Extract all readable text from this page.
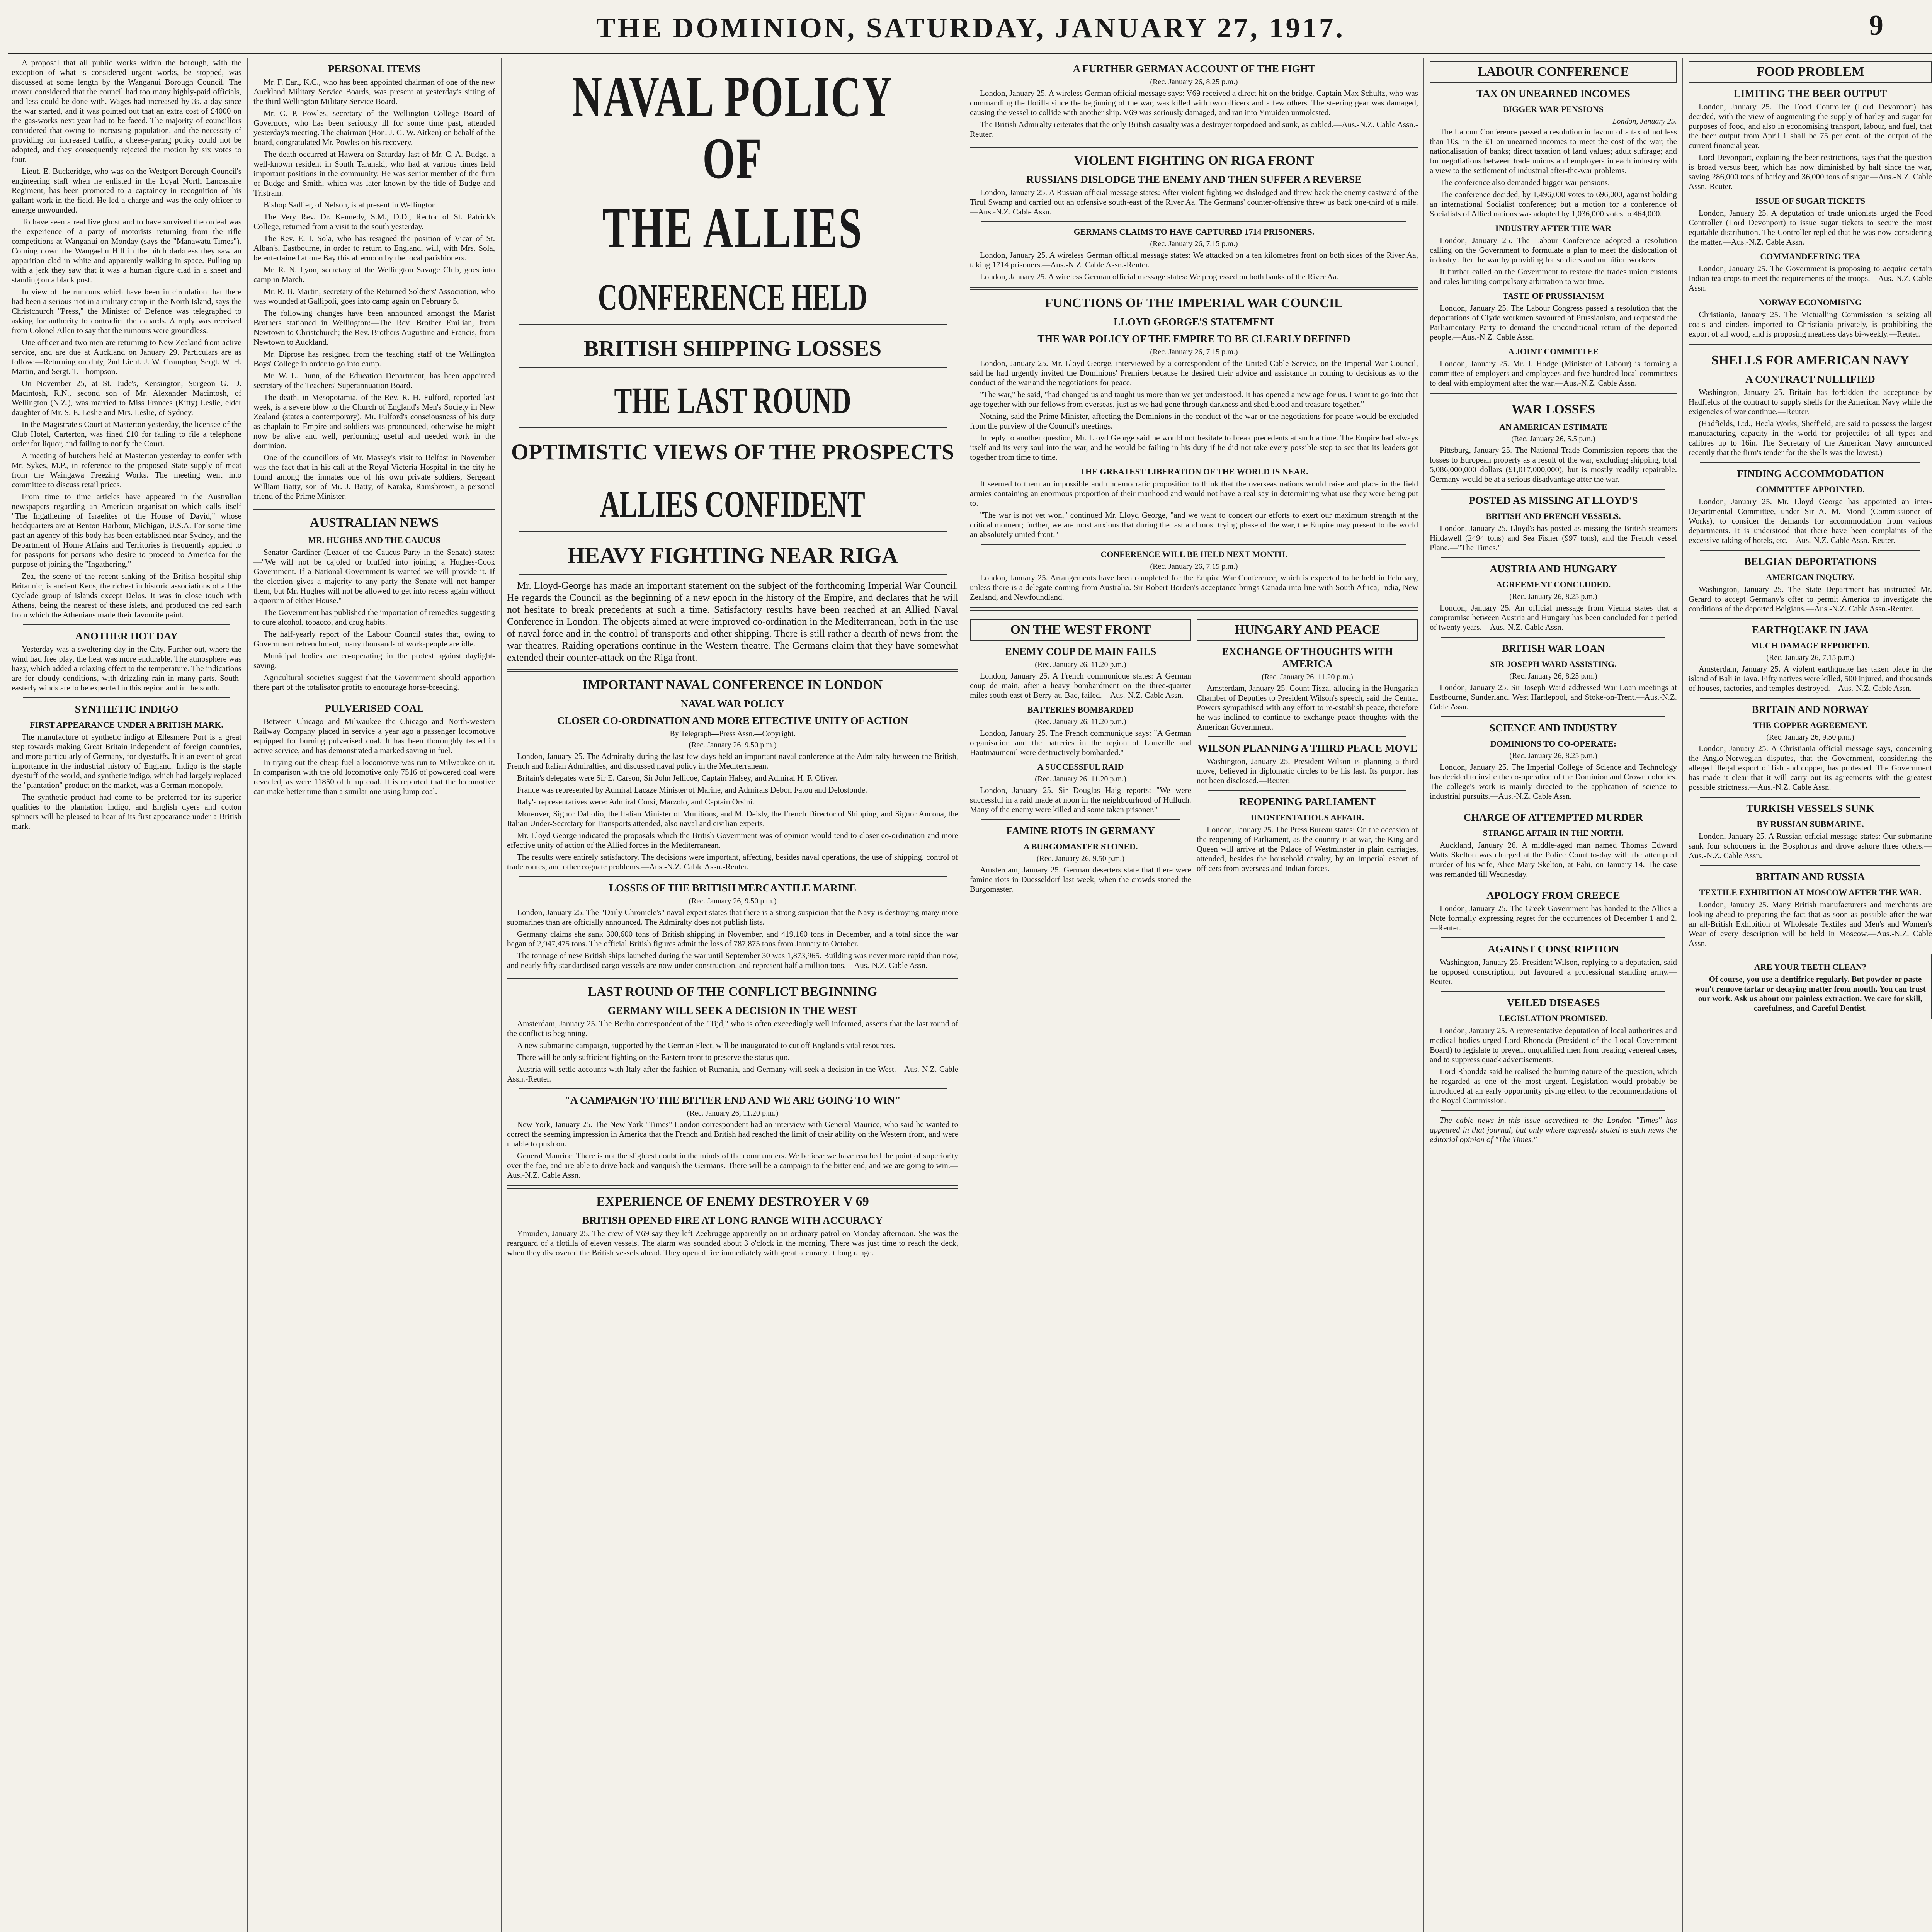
THE DOMINION, SATURDAY, JANUARY 27, 1917.	9

A proposal that all public works within the borough, with the exception of what is considered urgent works, be stopped, was discussed at some length by the Wanganui Borough Council. The mover considered that the council had too many highly-paid officials, and less could be done with. Wages had increased by 3s. a day since the war started, and it was pointed out that an extra cost of £4000 on the gas-works next year had to be faced. The majority of councillors considered that owing to increasing population, and the necessity of providing for increased traffic, a cheese-paring policy could not be adopted, and they consequently rejected the motion by six votes to four.

Lieut. E. Buckeridge, who was on the Westport Borough Council's engineering staff when he enlisted in the Loyal North Lancashire Regiment, has been promoted to a captaincy in recognition of his gallant work in the field. He led a charge and was the only officer to emerge unwounded.

To have seen a real live ghost and to have survived the ordeal was the experience of a party of motorists returning from the rifle competitions at Wanganui on Monday (says the "Manawatu Times"). Coming down the Wangaehu Hill in the pitch darkness they saw an apparition clad in white and apparently walking in space. Pulling up with a jerk they saw that it was a human figure clad in a sheet and standing on a black post.

In view of the rumours which have been in circulation that there had been a serious riot in a military camp in the North Island, says the Christchurch "Press," the Minister of Defence was telegraphed to asking for authority to contradict the canards. A reply was received from Colonel Allen to say that the rumours were groundless.

One officer and two men are returning to New Zealand from active service, and are due at Auckland on January 29. Particulars are as follow:—Returning on duty, 2nd Lieut. J. W. Crampton, Sergt. W. H. Martin, and Sergt. T. Thompson.

On November 25, at St. Jude's, Kensington, Surgeon G. D. Macintosh, R.N., second son of Mr. Alexander Macintosh, of Wellington (N.Z.), was married to Miss Frances (Kitty) Leslie, elder daughter of Mr. S. E. Leslie and Mrs. Leslie, of Sydney.

In the Magistrate's Court at Masterton yesterday, the licensee of the Club Hotel, Carterton, was fined £10 for failing to file a telephone order for liquor, and failing to notify the Court.

A meeting of butchers held at Masterton yesterday to confer with Mr. Sykes, M.P., in reference to the proposed State supply of meat from the Waingawa Freezing Works. The meeting went into committee to discuss retail prices.

From time to time articles have appeared in the Australian newspapers regarding an American organisation which calls itself "The Ingathering of Israelites of the House of David," whose headquarters are at Benton Harbour, Michigan, U.S.A. For some time past an agency of this body has been established near Sydney, and the Department of Home Affairs and Territories is frequently applied to for passports for persons who desire to proceed to America for the purpose of joining the "Ingathering."

Zea, the scene of the recent sinking of the British hospital ship Britannic, is ancient Keos, the richest in historic associations of all the Cyclade group of islands except Delos. It was in close touch with Athens, being the nearest of these islets, and produced the red earth from which the Athenians made their favourite paint.

ANOTHER HOT DAY

Yesterday was a sweltering day in the City. Further out, where the wind had free play, the heat was more endurable. The atmosphere was hazy, which added a relaxing effect to the temperature. The indications are for cloudy conditions, with drizzling rain in many parts. South-easterly winds are to be expected in this region and in the south.

SYNTHETIC INDIGO
FIRST APPEARANCE UNDER A BRITISH MARK.

The manufacture of synthetic indigo at Ellesmere Port is a great step towards making Great Britain independent of foreign countries, and more particularly of Germany, for dyestuffs. It is an event of great importance in the industrial history of England. Indigo is the staple dyestuff of the world, and synthetic indigo, which had largely replaced the "plantation" product on the market, was a German monopoly.

The synthetic product had come to be preferred for its superior qualities to the plantation indigo, and English dyers and cotton spinners will be pleased to hear of its first appearance under a British mark.

PERSONAL ITEMS

Mr. F. Earl, K.C., who has been appointed chairman of one of the new Auckland Military Service Boards, was present at yesterday's sitting of the third Wellington Military Service Board.

Mr. C. P. Powles, secretary of the Wellington College Board of Governors, who has been seriously ill for some time past, attended yesterday's meeting. The chairman (Hon. J. G. W. Aitken) on behalf of the board, congratulated Mr. Powles on his recovery.

The death occurred at Hawera on Saturday last of Mr. C. A. Budge, a well-known resident in South Taranaki, who had at various times held important positions in the community. He was senior member of the firm of Budge and Smith, which was later known by the title of Budge and Tristram.

Bishop Sadlier, of Nelson, is at present in Wellington.

The Very Rev. Dr. Kennedy, S.M., D.D., Rector of St. Patrick's College, returned from a visit to the south yesterday.

The Rev. E. I. Sola, who has resigned the position of Vicar of St. Alban's, Eastbourne, in order to return to England, will, with Mrs. Sola, be entertained at one Bay this afternoon by the local parishioners.

Mr. R. N. Lyon, secretary of the Wellington Savage Club, goes into camp in March.

Mr. R. B. Martin, secretary of the Returned Soldiers' Association, who was wounded at Gallipoli, goes into camp again on February 5.

The following changes have been announced amongst the Marist Brothers stationed in Wellington:—The Rev. Brother Emilian, from Newtown to Christchurch; the Rev. Brothers Augustine and Francis, from Newtown to Auckland.

Mr. Diprose has resigned from the teaching staff of the Wellington Boys' College in order to go into camp.

Mr. W. L. Dunn, of the Education Department, has been appointed secretary of the Teachers' Superannuation Board.

The death, in Mesopotamia, of the Rev. R. H. Fulford, reported last week, is a severe blow to the Church of England's Men's Society in New Zealand (states a contemporary). Mr. Fulford's consciousness of his duty as chaplain to Empire and soldiers was pronounced, otherwise he might now be alive and well, performing useful and needed work in the dominion.

One of the councillors of Mr. Massey's visit to Belfast in November was the fact that in his call at the Royal Victoria Hospital in the city he found among the inmates one of his own private soldiers, Sergeant William Batty, son of Mr. J. Batty, of Karaka, Ramsbrown, a personal friend of the Prime Minister.

AUSTRALIAN NEWS
MR. HUGHES AND THE CAUCUS

Senator Gardiner (Leader of the Caucus Party in the Senate) states:—"We will not be cajoled or bluffed into joining a Hughes-Cook Government. If a National Government is wanted we will provide it. If the election gives a majority to any party the Senate will not hamper them, but Mr. Hughes will not be allowed to get into recess again without a quorum of either House."

The Government has published the importation of remedies suggesting to cure alcohol, tobacco, and drug habits.

The half-yearly report of the Labour Council states that, owing to Government retrenchment, many thousands of work-people are idle.

Municipal bodies are co-operating in the protest against daylight-saving.

Agricultural societies suggest that the Government should apportion there part of the totalisator profits to encourage horse-breeding.

PULVERISED COAL

Between Chicago and Milwaukee the Chicago and North-western Railway Company placed in service a year ago a passenger locomotive equipped for burning pulverised coal. It has been thoroughly tested in active service, and has demonstrated a marked saving in fuel.

In trying out the cheap fuel a locomotive was run to Milwaukee on it. In comparison with the old locomotive only 7516 of powdered coal were revealed, as were 11850 of lump coal. It is reported that the locomotive can make better time than a similar one using lump coal.

NAVAL POLICY OF
THE ALLIES
CONFERENCE HELD
BRITISH SHIPPING LOSSES
THE LAST ROUND
OPTIMISTIC VIEWS OF THE PROSPECTS
ALLIES CONFIDENT
HEAVY FIGHTING NEAR RIGA

Mr. Lloyd-George has made an important statement on the subject of the forthcoming Imperial War Council. He regards the Council as the beginning of a new epoch in the history of the Empire, and declares that he will not hesitate to break precedents at such a time. Satisfactory results have been reached at an Allied Naval Conference in London. The objects aimed at were improved co-ordination in the Mediterranean, both in the use of naval force and in the control of transports and other shipping. There is still rather a dearth of news from the war theatres. Raiding operations continue in the Western theatre. The Germans claim that they have somewhat extended their counter-attack on the Riga front.

IMPORTANT NAVAL CONFERENCE IN LONDON
NAVAL WAR POLICY
CLOSER CO-ORDINATION AND MORE EFFECTIVE UNITY OF ACTION
By Telegraph—Press Assn.—Copyright.
(Rec. January 26, 9.50 p.m.)

London, January 25. The Admiralty during the last few days held an important naval conference at the Admiralty between the British, French and Italian Admiralties, and discussed naval policy in the Mediterranean.

Britain's delegates were Sir E. Carson, Sir John Jellicoe, Captain Halsey, and Admiral H. F. Oliver.

France was represented by Admiral Lacaze Minister of Marine, and Admirals Debon Fatou and Delostonde.

Italy's representatives were: Admiral Corsi, Marzolo, and Captain Orsini.

Moreover, Signor Dallolio, the Italian Minister of Munitions, and M. Deisly, the French Director of Shipping, and Signor Ancona, the Italian Under-Secretary for Transports attended, also naval and civilian experts.

Mr. Lloyd George indicated the proposals which the British Government was of opinion would tend to closer co-ordination and more effective unity of action of the Allied forces in the Mediterranean.

The results were entirely satisfactory. The decisions were important, affecting, besides naval operations, the use of shipping, control of trade routes, and other cognate problems.—Aus.-N.Z. Cable Assn.-Reuter.

LOSSES OF THE BRITISH MERCANTILE MARINE
(Rec. January 26, 9.50 p.m.)

London, January 25. The "Daily Chronicle's" naval expert states that there is a strong suspicion that the Navy is destroying many more submarines than are officially announced. The Admiralty does not publish lists.

Germany claims she sank 300,600 tons of British shipping in November, and 419,160 tons in December, and a total since the war began of 2,947,475 tons. The official British figures admit the loss of 787,875 tons from January to October.

The tonnage of new British ships launched during the war until September 30 was 1,873,965. Building was never more rapid than now, and nearly fifty standardised cargo vessels are now under construction, and represent half a million tons.—Aus.-N.Z. Cable Assn.

LAST ROUND OF THE CONFLICT BEGINNING
GERMANY WILL SEEK A DECISION IN THE WEST

Amsterdam, January 25. The Berlin correspondent of the "Tijd," who is often exceedingly well informed, asserts that the last round of the conflict is beginning.

A new submarine campaign, supported by the German Fleet, will be inaugurated to cut off England's vital resources.

There will be only sufficient fighting on the Eastern front to preserve the status quo.

Austria will settle accounts with Italy after the fashion of Rumania, and Germany will seek a decision in the West.—Aus.-N.Z. Cable Assn.-Reuter.

"A CAMPAIGN TO THE BITTER END AND WE ARE GOING TO WIN"
(Rec. January 26, 11.20 p.m.)

New York, January 25. The New York "Times" London correspondent had an interview with General Maurice, who said he wanted to correct the seeming impression in America that the French and British had reached the limit of their ability on the Western front, and were unable to push on.

General Maurice: There is not the slightest doubt in the minds of the commanders. We believe we have reached the point of superiority over the foe, and are able to drive back and vanquish the Germans. There will be a campaign to the bitter end, and we are going to win.—Aus.-N.Z. Cable Assn.

EXPERIENCE OF ENEMY DESTROYER V 69
BRITISH OPENED FIRE AT LONG RANGE WITH ACCURACY

Ymuiden, January 25. The crew of V69 say they left Zeebrugge apparently on an ordinary patrol on Monday afternoon. She was the rearguard of a flotilla of eleven vessels. The alarm was sounded about 3 o'clock in the morning. There was just time to reach the deck, when they discovered the British vessels ahead. They opened fire immediately with great accuracy at long range.

A FURTHER GERMAN ACCOUNT OF THE FIGHT
(Rec. January 26, 8.25 p.m.)

London, January 25. A wireless German official message says: V69 received a direct hit on the bridge. Captain Max Schultz, who was commanding the flotilla since the beginning of the war, was killed with two officers and a few others. The steering gear was damaged, causing the vessel to collide with another ship. V69 was seriously damaged, and ran into Ymuiden unmolested.

The British Admiralty reiterates that the only British casualty was a destroyer torpedoed and sunk, as cabled.—Aus.-N.Z. Cable Assn.-Reuter.

VIOLENT FIGHTING ON RIGA FRONT
RUSSIANS DISLODGE THE ENEMY AND THEN SUFFER A REVERSE

London, January 25. A Russian official message states: After violent fighting we dislodged and threw back the enemy eastward of the Tirul Swamp and carried out an offensive south-east of the River Aa. The Germans' counter-offensive threw us back one-third of a mile.—Aus.-N.Z. Cable Assn.

GERMANS CLAIMS TO HAVE CAPTURED 1714 PRISONERS.
(Rec. January 26, 7.15 p.m.)

London, January 25. A wireless German official message states: We attacked on a ten kilometres front on both sides of the River Aa, taking 1714 prisoners.—Aus.-N.Z. Cable Assn.-Reuter.

London, January 25. A wireless German official message states: We progressed on both banks of the River Aa.

FUNCTIONS OF THE IMPERIAL WAR COUNCIL
LLOYD GEORGE'S STATEMENT
THE WAR POLICY OF THE EMPIRE TO BE CLEARLY DEFINED
(Rec. January 26, 7.15 p.m.)

London, January 25. Mr. Lloyd George, interviewed by a correspondent of the United Cable Service, on the Imperial War Council, said he had urgently invited the Dominions' Premiers because he desired their advice and assistance in coming to decisions as to the conduct of the war and the negotiations for peace.

"The war," he said, "had changed us and taught us more than we yet understood. It has opened a new age for us. I want to go into that age together with our fellows from overseas, just as we had gone through darkness and shed blood and treasure together."

Nothing, said the Prime Minister, affecting the Dominions in the conduct of the war or the negotiations for peace would be excluded from the purview of the Council's meetings.

In reply to another question, Mr. Lloyd George said he would not hesitate to break precedents at such a time. The Empire had always itself and its very soul into the war, and he would be failing in his duty if he did not take every possible step to see that its leaders got together from time to time.

THE GREATEST LIBERATION OF THE WORLD IS NEAR.

It seemed to them an impossible and undemocratic proposition to think that the overseas nations would raise and place in the field armies containing an enormous proportion of their manhood and would not have a real say in determining what use they were being put to.

"The war is not yet won," continued Mr. Lloyd George, "and we want to concert our efforts to exert our maximum strength at the critical moment; further, we are most anxious that during the last and most trying phase of the war, the Empire may present to the world an absolutely united front."

CONFERENCE WILL BE HELD NEXT MONTH.
(Rec. January 26, 7.15 p.m.)

London, January 25. Arrangements have been completed for the Empire War Conference, which is expected to be held in February, unless there is a delegate coming from Australia. Sir Robert Borden's acceptance brings Canada into line with South Africa, India, New Zealand, and Newfoundland.

ON THE WEST FRONT
ENEMY COUP DE MAIN FAILS
(Rec. January 26, 11.20 p.m.)

London, January 25. A French communique states: A German coup de main, after a heavy bombardment on the three-quarter miles south-east of Berry-au-Bac, failed.—Aus.-N.Z. Cable Assn.

BATTERIES BOMBARDED
(Rec. January 26, 11.20 p.m.)

London, January 25. The French communique says: "A German organisation and the batteries in the region of Louvrille and Hautmaumenil were destructively bombarded."

A SUCCESSFUL RAID
(Rec. January 26, 11.20 p.m.)

London, January 25. Sir Douglas Haig reports: "We were successful in a raid made at noon in the neighbourhood of Hulluch. Many of the enemy were killed and some taken prisoner."

FAMINE RIOTS IN GERMANY
A BURGOMASTER STONED.
(Rec. January 26, 9.50 p.m.)

Amsterdam, January 25. German deserters state that there were famine riots in Duesseldorf last week, when the crowds stoned the Burgomaster.

HUNGARY AND PEACE
EXCHANGE OF THOUGHTS WITH AMERICA
(Rec. January 26, 11.20 p.m.)

Amsterdam, January 25. Count Tisza, alluding in the Hungarian Chamber of Deputies to President Wilson's speech, said the Central Powers sympathised with any effort to re-establish peace, therefore he was inclined to continue to exchange peace thoughts with the American Government.

WILSON PLANNING A THIRD PEACE MOVE

Washington, January 25. President Wilson is planning a third move, believed in diplomatic circles to be his last. Its purport has not been disclosed.—Reuter.

REOPENING PARLIAMENT
UNOSTENTATIOUS AFFAIR.

London, January 25. The Press Bureau states: On the occasion of the reopening of Parliament, as the country is at war, the King and Queen will arrive at the Palace of Westminster in plain carriages, attended, besides the household cavalry, by an Imperial escort of officers from overseas and Indian forces.

LABOUR CONFERENCE
TAX ON UNEARNED INCOMES
BIGGER WAR PENSIONS
London, January 25.

The Labour Conference passed a resolution in favour of a tax of not less than 10s. in the £1 on unearned incomes to meet the cost of the war; the nationalisation of banks; direct taxation of land values; adult suffrage; and for negotiations between trade unions and employers in each industry with a view to the settlement of industrial after-the-war problems.

The conference also demanded bigger war pensions.

The conference decided, by 1,496,000 votes to 696,000, against holding an international Socialist conference; but a motion for a conference of Socialists of Allied nations was adopted by 1,036,000 votes to 464,000.

INDUSTRY AFTER THE WAR

London, January 25. The Labour Conference adopted a resolution calling on the Government to formulate a plan to meet the dislocation of industry after the war by providing for soldiers and munition workers.

It further called on the Government to restore the trades union customs and rules limiting compulsory arbitration to war time.

TASTE OF PRUSSIANISM

London, January 25. The Labour Congress passed a resolution that the deportations of Clyde workmen savoured of Prussianism, and requested the Parliamentary Party to demand the unconditional return of the deported people.—Aus.-N.Z. Cable Assn.

A JOINT COMMITTEE

London, January 25. Mr. J. Hodge (Minister of Labour) is forming a committee of employers and employees and five hundred local committees to deal with employment after the war.—Aus.-N.Z. Cable Assn.

WAR LOSSES
AN AMERICAN ESTIMATE
(Rec. January 26, 5.5 p.m.)

Pittsburg, January 25. The National Trade Commission reports that the losses to European property as a result of the war, excluding shipping, total 5,086,000,000 dollars (£1,017,000,000), but is mostly readily repairable. Germany would be at a serious disadvantage after the war.

POSTED AS MISSING AT LLOYD'S
BRITISH AND FRENCH VESSELS.

London, January 25. Lloyd's has posted as missing the British steamers Hildawell (2494 tons) and Sea Fisher (997 tons), and the French vessel Plane.—"The Times."

AUSTRIA AND HUNGARY
AGREEMENT CONCLUDED.
(Rec. January 26, 8.25 p.m.)

London, January 25. An official message from Vienna states that a compromise between Austria and Hungary has been concluded for a period of twenty years.—Aus.-N.Z. Cable Assn.

BRITISH WAR LOAN
SIR JOSEPH WARD ASSISTING.
(Rec. January 26, 8.25 p.m.)

London, January 25. Sir Joseph Ward addressed War Loan meetings at Eastbourne, Sunderland, West Hartlepool, and Stoke-on-Trent.—Aus.-N.Z. Cable Assn.

SCIENCE AND INDUSTRY
DOMINIONS TO CO-OPERATE:
(Rec. January 26, 8.25 p.m.)

London, January 25. The Imperial College of Science and Technology has decided to invite the co-operation of the Dominion and Crown colonies. The college's work is mainly directed to the application of science to industrial pursuits.—Aus.-N.Z. Cable Assn.

CHARGE OF ATTEMPTED MURDER
STRANGE AFFAIR IN THE NORTH.

Auckland, January 26. A middle-aged man named Thomas Edward Watts Skelton was charged at the Police Court to-day with the attempted murder of his wife, Alice Mary Skelton, at Pahi, on January 14. The case was remanded till Wednesday.

APOLOGY FROM GREECE

London, January 25. The Greek Government has handed to the Allies a Note formally expressing regret for the occurrences of December 1 and 2.—Reuter.

AGAINST CONSCRIPTION

Washington, January 25. President Wilson, replying to a deputation, said he opposed conscription, but favoured a professional standing army.—Reuter.

VEILED DISEASES
LEGISLATION PROMISED.

London, January 25. A representative deputation of local authorities and medical bodies urged Lord Rhondda (President of the Local Government Board) to legislate to prevent unqualified men from treating venereal cases, and to suppress quack advertisements.

Lord Rhondda said he realised the burning nature of the question, which he regarded as one of the most urgent. Legislation would probably be introduced at an early opportunity giving effect to the recommendations of the Royal Commission.

The cable news in this issue accredited to the London "Times" has appeared in that journal, but only where expressly stated is such news the editorial opinion of "The Times."

FOOD PROBLEM
LIMITING THE BEER OUTPUT

London, January 25. The Food Controller (Lord Devonport) has decided, with the view of augmenting the supply of barley and sugar for purposes of food, and also in economising transport, labour, and fuel, that the beer output from April 1 shall be 75 per cent. of the output of the current financial year.

Lord Devonport, explaining the beer restrictions, says that the question is broad versus beer, which has now diminished by half since the war, saving 286,000 tons of barley and 36,000 tons of sugar.—Aus.-N.Z. Cable Assn.-Reuter.

ISSUE OF SUGAR TICKETS

London, January 25. A deputation of trade unionists urged the Food Controller (Lord Devonport) to issue sugar tickets to secure the most equitable distribution. The Controller replied that he was now considering the matter.—Aus.-N.Z. Cable Assn.

COMMANDEERING TEA

London, January 25. The Government is proposing to acquire certain Indian tea crops to meet the requirements of the troops.—Aus.-N.Z. Cable Assn.

NORWAY ECONOMISING

Christiania, January 25. The Victualling Commission is seizing all coals and cinders imported to Christiania privately, is prohibiting the export of all wood, and is proposing meatless days bi-weekly.—Reuter.

SHELLS FOR AMERICAN NAVY
A CONTRACT NULLIFIED

Washington, January 25. Britain has forbidden the acceptance by Hadfields of the contract to supply shells for the American Navy while the exigencies of war continue.—Reuter.

(Hadfields, Ltd., Hecla Works, Sheffield, are said to possess the largest manufacturing capacity in the world for projectiles of all types and calibres up to 16in. The Secretary of the American Navy announced recently that the firm's tender for the shells was the lowest.)

FINDING ACCOMMODATION
COMMITTEE APPOINTED.

London, January 25. Mr. Lloyd George has appointed an inter-Departmental Committee, under Sir A. M. Mond (Commissioner of Works), to consider the demands for accommodation from various departments. It is understood that there have been complaints of the excessive taking of hotels, etc.—Aus.-N.Z. Cable Assn.-Reuter.

BELGIAN DEPORTATIONS
AMERICAN INQUIRY.

Washington, January 25. The State Department has instructed Mr. Gerard to accept Germany's offer to permit America to investigate the conditions of the deported Belgians.—Aus.-N.Z. Cable Assn.-Reuter.

EARTHQUAKE IN JAVA
MUCH DAMAGE REPORTED.
(Rec. January 26, 7.15 p.m.)

Amsterdam, January 25. A violent earthquake has taken place in the island of Bali in Java. Fifty natives were killed, 500 injured, and thousands of houses, factories, and temples destroyed.—Aus.-N.Z. Cable Assn.

BRITAIN AND NORWAY
THE COPPER AGREEMENT.
(Rec. January 26, 9.50 p.m.)

London, January 25. A Christiania official message says, concerning the Anglo-Norwegian disputes, that the Government, considering the alleged illegal export of fish and copper, has protested. The Government has made it clear that it will carry out its agreements with the greatest possible strictness.—Aus.-N.Z. Cable Assn.

TURKISH VESSELS SUNK
BY RUSSIAN SUBMARINE.

London, January 25. A Russian official message states: Our submarine sank four schooners in the Bosphorus and drove ashore three others.—Aus.-N.Z. Cable Assn.

BRITAIN AND RUSSIA
TEXTILE EXHIBITION AT MOSCOW AFTER THE WAR.

London, January 25. Many British manufacturers and merchants are looking ahead to preparing the fact that as soon as possible after the war an all-British Exhibition of Wholesale Textiles and Men's and Women's Wear of every description will be held in Moscow.—Aus.-N.Z. Cable Assn.

ARE YOUR TEETH CLEAN?

Of course, you use a dentifrice regularly. But powder or paste won't remove tartar or decaying matter from mouth. You can trust our work. Ask us about our painless extraction. We care for skill, carefulness, and Careful Dentist.
